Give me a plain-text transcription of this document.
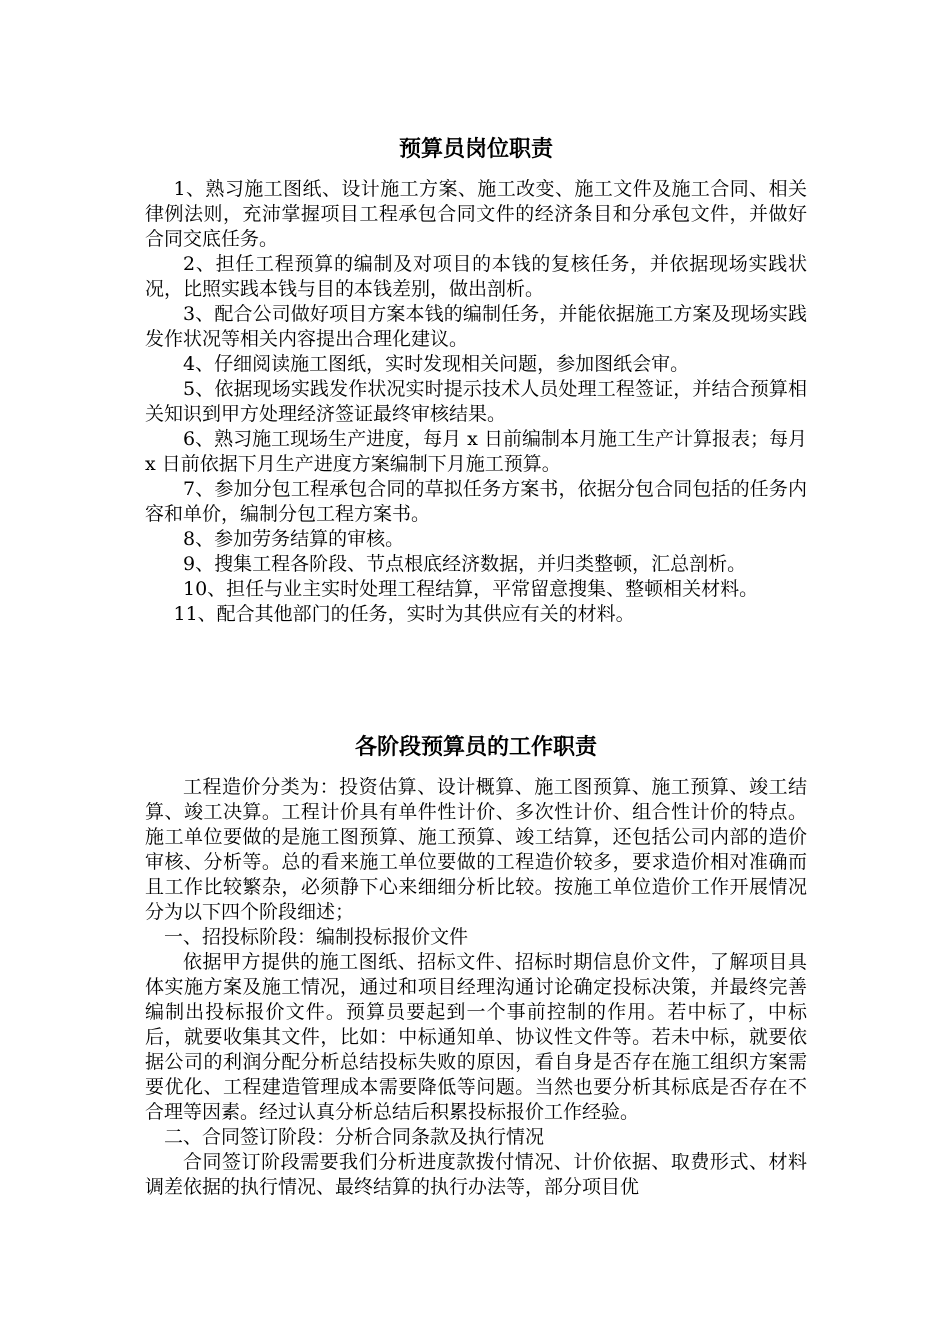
预算员岗位职责

1、熟习施工图纸、设计施工方案、施工改变、施工文件及施工合同、相关律例法则，充沛掌握项目工程承包合同文件的经济条目和分承包文件，并做好合同交底任务。

2、担任工程预算的编制及对项目的本钱的复核任务，并依据现场实践状况，比照实践本钱与目的本钱差别，做出剖析。

3、配合公司做好项目方案本钱的编制任务，并能依据施工方案及现场实践发作状况等相关内容提出合理化建议。

4、仔细阅读施工图纸，实时发现相关问题，参加图纸会审。

5、依据现场实践发作状况实时提示技术人员处理工程签证，并结合预算相关知识到甲方处理经济签证最终审核结果。

6、熟习施工现场生产进度，每月 x 日前编制本月施工生产计算报表；每月 x 日前依据下月生产进度方案编制下月施工预算。

7、参加分包工程承包合同的草拟任务方案书，依据分包合同包括的任务内容和单价，编制分包工程方案书。

8、参加劳务结算的审核。

9、搜集工程各阶段、节点根底经济数据，并归类整顿，汇总剖析。

10、担任与业主实时处理工程结算，平常留意搜集、整顿相关材料。

11、配合其他部门的任务，实时为其供应有关的材料。

各阶段预算员的工作职责

工程造价分类为：投资估算、设计概算、施工图预算、施工预算、竣工结算、竣工决算。工程计价具有单件性计价、多次性计价、组合性计价的特点。施工单位要做的是施工图预算、施工预算、竣工结算，还包括公司内部的造价审核、分析等。总的看来施工单位要做的工程造价较多，要求造价相对准确而且工作比较繁杂，必须静下心来细细分析比较。按施工单位造价工作开展情况分为以下四个阶段细述；

一、招投标阶段：编制投标报价文件

依据甲方提供的施工图纸、招标文件、招标时期信息价文件，了解项目具体实施方案及施工情况，通过和项目经理沟通讨论确定投标决策，并最终完善编制出投标报价文件。预算员要起到一个事前控制的作用。若中标了，中标后，就要收集其文件，比如：中标通知单、协议性文件等。若未中标，就要依据公司的利润分配分析总结投标失败的原因，看自身是否存在施工组织方案需要优化、工程建造管理成本需要降低等问题。当然也要分析其标底是否存在不合理等因素。经过认真分析总结后积累投标报价工作经验。

二、合同签订阶段：分析合同条款及执行情况

合同签订阶段需要我们分析进度款拨付情况、计价依据、取费形式、材料调差依据的执行情况、最终结算的执行办法等，部分项目优
